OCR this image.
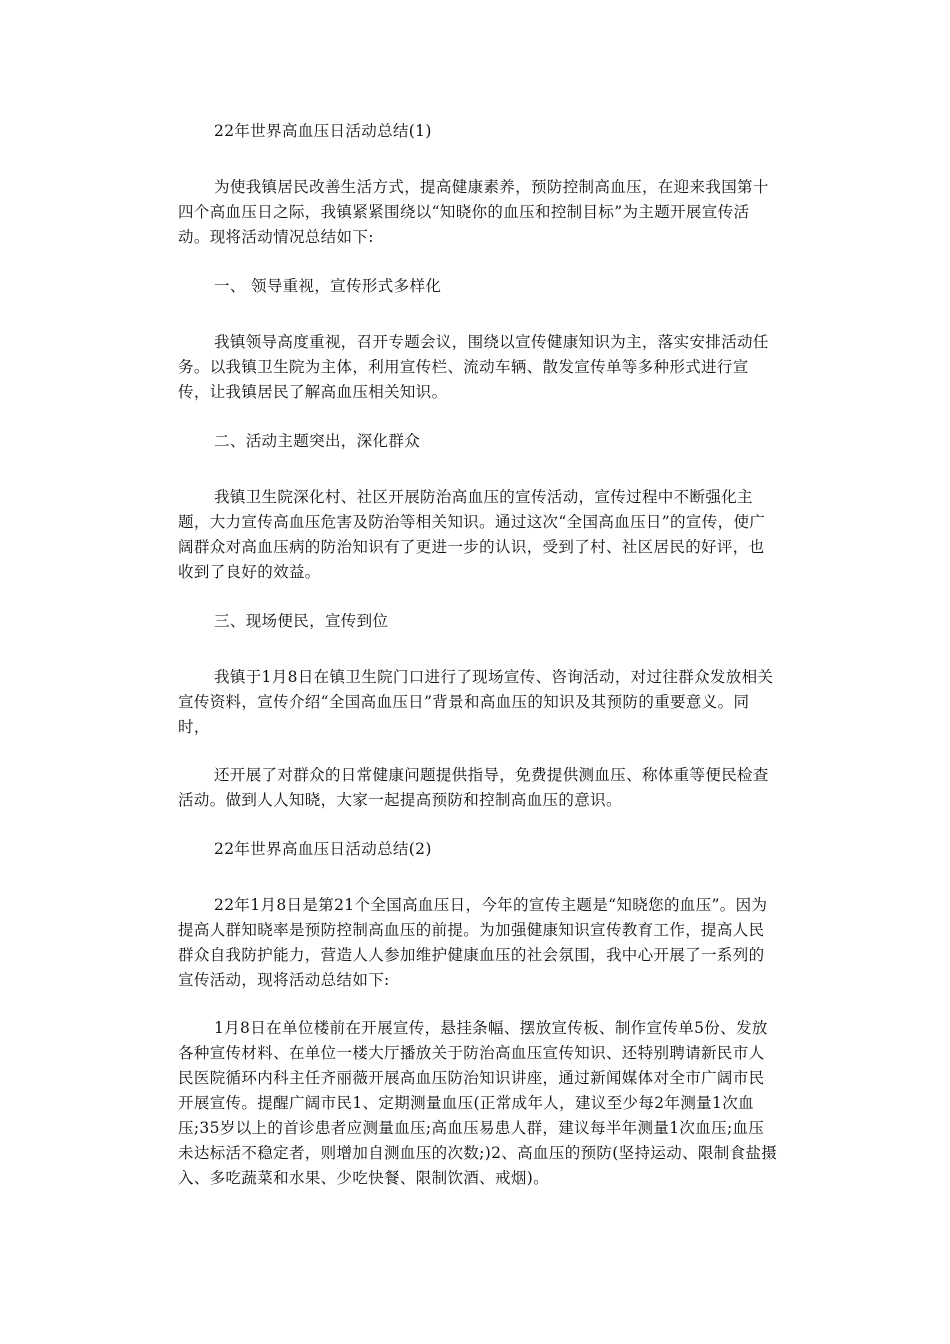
22年世界高血压日活动总结(1)

为使我镇居民改善生活方式，提高健康素养，预防控制高血压，在迎来我国第十四个高血压日之际，我镇紧紧围绕以“知晓你的血压和控制目标”为主题开展宣传活动。现将活动情况总结如下:

一、 领导重视，宣传形式多样化

我镇领导高度重视，召开专题会议，围绕以宣传健康知识为主，落实安排活动任务。以我镇卫生院为主体，利用宣传栏、流动车辆、散发宣传单等多种形式进行宣传，让我镇居民了解高血压相关知识。

二、活动主题突出，深化群众

我镇卫生院深化村、社区开展防治高血压的宣传活动，宣传过程中不断强化主题，大力宣传高血压危害及防治等相关知识。通过这次“全国高血压日”的宣传，使广阔群众对高血压病的防治知识有了更进一步的认识，受到了村、社区居民的好评，也收到了良好的效益。

三、现场便民，宣传到位

我镇于1月8日在镇卫生院门口进行了现场宣传、咨询活动，对过往群众发放相关宣传资料，宣传介绍“全国高血压日”背景和高血压的知识及其预防的重要意义。同时，

还开展了对群众的日常健康问题提供指导，免费提供测血压、称体重等便民检查活动。做到人人知晓，大家一起提高预防和控制高血压的意识。

22年世界高血压日活动总结(2)

22年1月8日是第21个全国高血压日，今年的宣传主题是“知晓您的血压”。因为提高人群知晓率是预防控制高血压的前提。为加强健康知识宣传教育工作，提高人民群众自我防护能力，营造人人参加维护健康血压的社会氛围，我中心开展了一系列的宣传活动，现将活动总结如下:

1月8日在单位楼前在开展宣传，悬挂条幅、摆放宣传板、制作宣传单5份、发放各种宣传材料、在单位一楼大厅播放关于防治高血压宣传知识、还特别聘请新民市人民医院循环内科主任齐丽薇开展高血压防治知识讲座，通过新闻媒体对全市广阔市民开展宣传。提醒广阔市民1、定期测量血压(正常成年人，建议至少每2年测量1次血压;35岁以上的首诊患者应测量血压;高血压易患人群，建议每半年测量1次血压;血压未达标活不稳定者，则增加自测血压的次数;)2、高血压的预防(坚持运动、限制食盐摄入、多吃蔬菜和水果、少吃快餐、限制饮酒、戒烟)。
